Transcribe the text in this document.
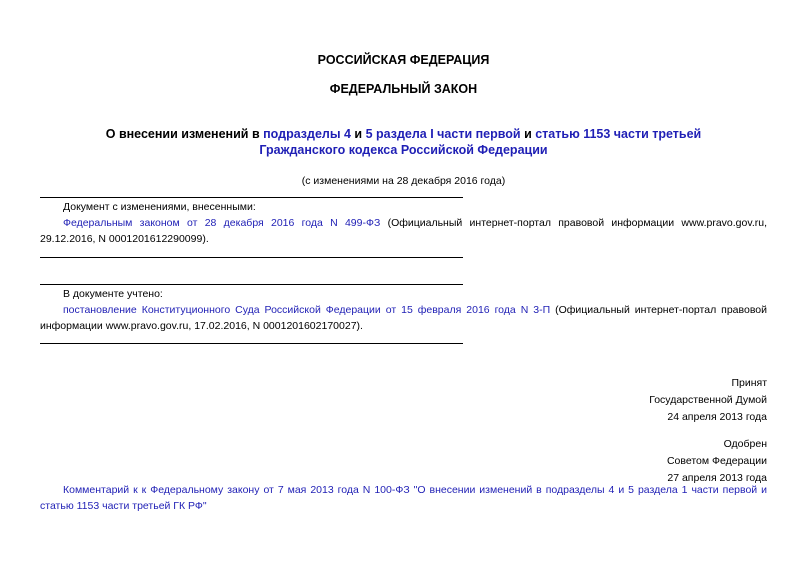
РОССИЙСКАЯ ФЕДЕРАЦИЯ
ФЕДЕРАЛЬНЫЙ ЗАКОН
О внесении изменений в подразделы 4 и 5 раздела I части первой и статью 1153 части третьей
Гражданского кодекса Российской Федерации
(с изменениями на 28 декабря 2016 года)
Документ с изменениями, внесенными:
Федеральным законом от 28 декабря 2016 года N 499-ФЗ (Официальный интернет-портал правовой информации www.pravo.gov.ru, 29.12.2016, N 0001201612290099).
В документе учтено:
постановление Конституционного Суда Российской Федерации от 15 февраля 2016 года N 3-П (Официальный интернет-портал правовой информации www.pravo.gov.ru, 17.02.2016, N 0001201602170027).
Принят
Государственной Думой
24 апреля 2013 года
Одобрен
Советом Федерации
27 апреля 2013 года
Комментарий к к Федеральному закону от 7 мая 2013 года N 100-ФЗ "О внесении изменений в подразделы 4 и 5 раздела 1 части первой и статью 1153 части третьей ГК РФ"
